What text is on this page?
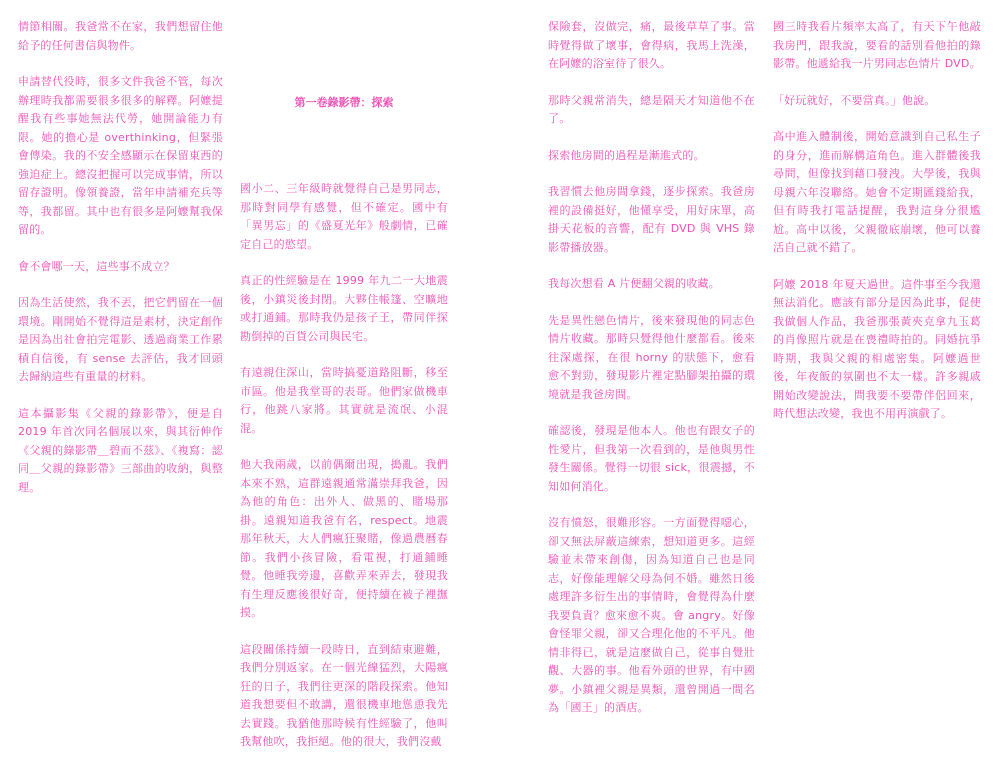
情節相關。我爸常不在家，我們想留住他給予的任何書信與物件。

申請替代役時，很多文件我爸不管，每次辦理時我都需要很多很多的解釋。阿嬤提醒我有些事她無法代勞，她開論能力有限。她的擔心是 overthinking，但緊張會傳染。我的不安全感顯示在保留東西的強迫症上。總沒把握可以完成事情，所以留存證明。像領養證，當年申請補充兵等等，我都留。其中也有很多是阿嬤幫我保留的。

會不會哪一天，這些事不成立？

因為生活使然，我不丟，把它們留在一個環境。剛開始不覺得這是素材，決定創作是因為出社會拍完電影、透過商業工作累積自信後，有 sense 去評估，我才回頭去歸納這些有重量的材料。

這本攝影集《父親的錄影帶》，便是自 2019 年首次同名個展以來，與其衍伸作《父親的錄影帶＿碧而不茲》、《複寫：認同＿父親的錄影帶》三部曲的收納，與整理。

第一卷錄影帶：探索

國小二、三年級時就覺得自己是男同志，那時對同學有感覺，但不確定。國中有「異男忘」的《盛夏光年》般劇情，已確定自己的慾望。

真正的性經驗是在 1999 年九二一大地震後，小鎮災後封閉。大夥住帳篷、空曠地或打通鋪。那時我仍是孩子王，帶同伴探勘倒掉的百貨公司與民宅。

有遠親住深山，當時搞憂道路阻斷，移至市區。他是我堂哥的表哥。他們家做機車行，他跳八家將。其實就是流氓、小混混。

他大我兩歲，以前偶爾出現，搗亂。我們本來不熟，這群遠親通常滿崇拜我爸，因為他的角色：出外人、做黑的、賭場那掛。遠親知道我爸有名，respect。地震那年秋天，大人們瘋狂聚賭，像過農曆春節。我們小孩冒險，看電視，打通鋪睡覺。他睡我旁邊，喜歡弄來弄去，發現我有生理反應後很好奇，便持續在被子裡撫摸。

這段關係持續一段時日，直到結束避難，我們分別返家。在一個光線猛烈，大陽瘋狂的日子，我們往更深的階段探索。他知道我想要但不敢講，還很機車地慫恿我先去實踐。我猶他那時候有性經驗了，他叫我幫他吹，我拒絕。他的很大，我們沒戴

保險套，沒做完，痛，最後草草了事。當時覺得做了壞事，會得病，我馬上洗澡，在阿嬤的浴室待了很久。

那時父親常消失，總是隔天才知道他不在了。

探索他房間的過程是漸進式的。

我習慣去他房間拿錢，逐步探索。我爸房裡的設備挺好，他懂享受，用好床單，高掛天花板的音響，配有 DVD 與 VHS 錄影帶播放器。

我每次想看 A 片便翻父親的收藏。

先是異性戀色情片，後來發現他的同志色情片收藏。那時只覺得他什麼都看。後來往深處探，在很 horny 的狀態下，愈看愈不對勁，發現影片裡定點腳架拍攝的環境就是我爸房間。

確認後，發現是他本人。他也有跟女子的性愛片，但我第一次看到的，是他與男性發生關係。覺得一切很 sick，很震撼，不知如何消化。

沒有憤怒，很難形容。一方面覺得噁心，卻又無法屏蔽這練索，想知道更多。這經驗並未帶來創傷，因為知道自己也是同志，好像能理解父母為何不婚。雖然日後處理許多衍生出的事情時，會覺得為什麼我要負責？愈來愈不爽。會 angry。好像會怪罪父親，卻又合理化他的不平凡。他情非得已，就是這麼做自己，從事自覺壯觀、大器的事。他看外頭的世界，有中國夢。小鎮裡父親是異類，還曾開過一間名為「國王」的酒店。

國三時我看片頻率太高了，有天下午他敲我房門，跟我說，要看的話別看他拍的錄影帶。他遞給我一片男同志色情片 DVD。

「好玩就好，不要當真。」他說。

高中進入體制後，開始意識到自己私生子的身分，進而解構這角色。進入群體後我尋問，但像找到藉口發洩。大學後，我與母親六年沒聯絡。她會不定期匯錢給我，但有時我打電話提醒，我對這身分很尷尬。高中以後，父親徹底崩壞，他可以養活自己就不錯了。

阿嬤 2018 年夏天過世。這件事至今我還無法消化。應該有部分是因為此事，促使我做個人作品，我爸那張黃夾克拿九玉葛的肖像照片就是在喪禮時拍的。同婚抗爭時期，我與父親的相處密集。阿嬤過世後，年夜飯的氛圍也不太一樣。許多親戚開始改變說法，問我要不要帶伴侶回來，時代想法改變，我也不用再演戲了。
